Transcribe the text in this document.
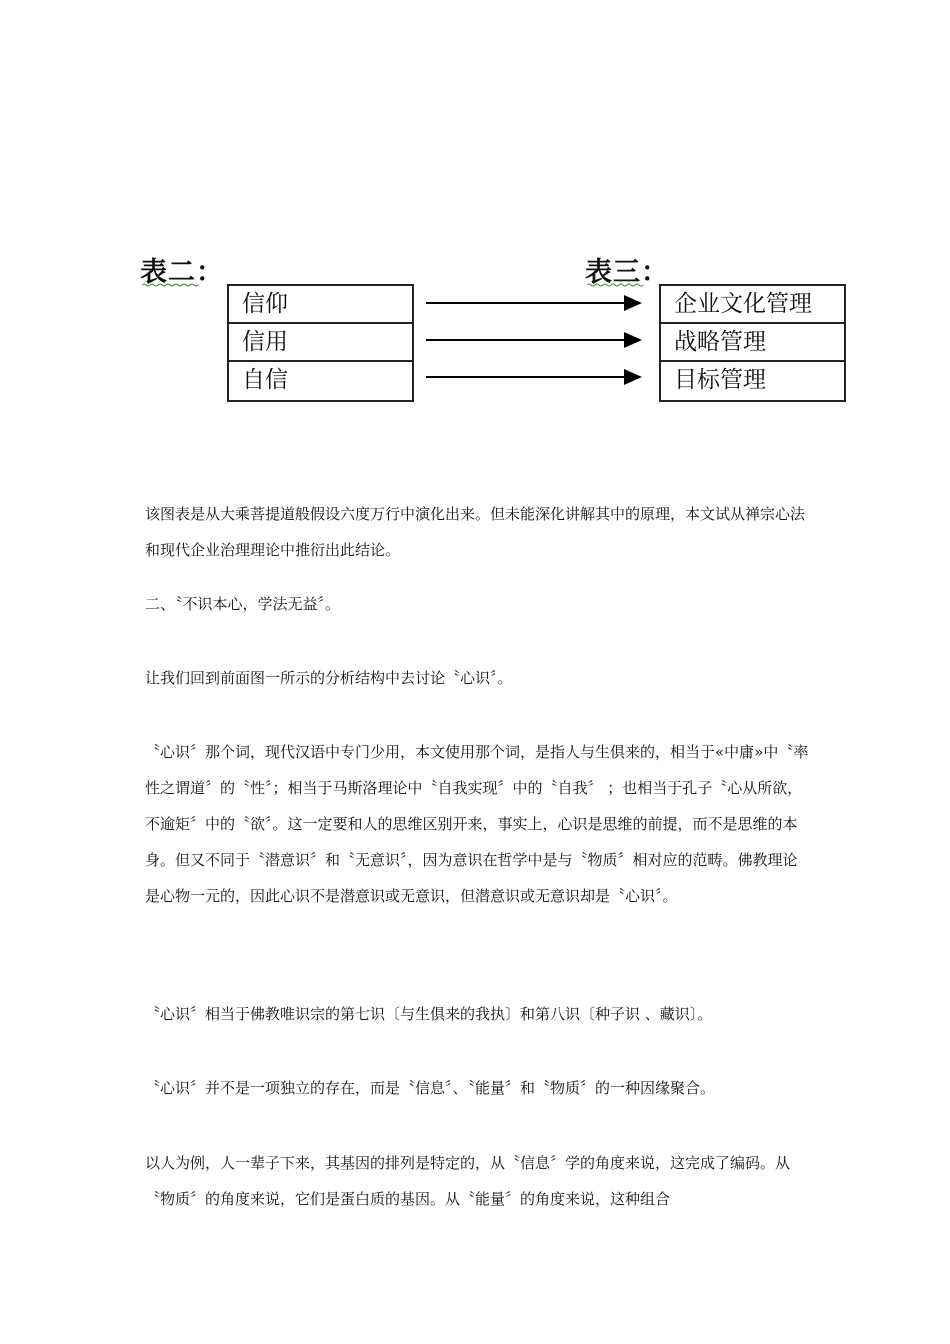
表二：	表三：
信仰
信用
自信
企业文化管理
战略管理
目标管理
该图表是从大乘菩提道般假设六度万行中演化出来。但未能深化讲解其中的原理，本文试从禅宗心法 和现代企业治理理论中推衍出此结论。
二、〝不识本心，学法无益〞。
让我们回到前面图一所示的分析结构中去讨论〝心识〞。
〝心识〞那个词，现代汉语中专门少用，本文使用那个词，是指人与生俱来的，相当于«中庸»中〝率性之谓道〞的〝性〞；相当于马斯洛理论中〝自我实现〞中的〝自我〞 ；也相当于孔子〝心从所欲，不逾矩〞中的〝欲〞。这一定要和人的思维区别开来，事实上，心识是思维的前提，而不是思维的本身。但又不同于〝潜意识〞和〝无意识〞，因为意识在哲学中是与〝物质〞相对应的范畴。佛教理论是心物一元的，因此心识不是潜意识或无意识，但潜意识或无意识却是〝心识〞。
〝心识〞相当于佛教唯识宗的第七识〔与生俱来的我执〕和第八识〔种子识 、藏识〕。
〝心识〞并不是一项独立的存在，而是〝信息〞、〝能量〞和〝物质〞的一种因缘聚合。
以人为例，人一辈子下来，其基因的排列是特定的，从〝信息〞学的角度来说，这完成了编码。从〝物质〞的角度来说，它们是蛋白质的基因。从〝能量〞的角度来说，这种组合
